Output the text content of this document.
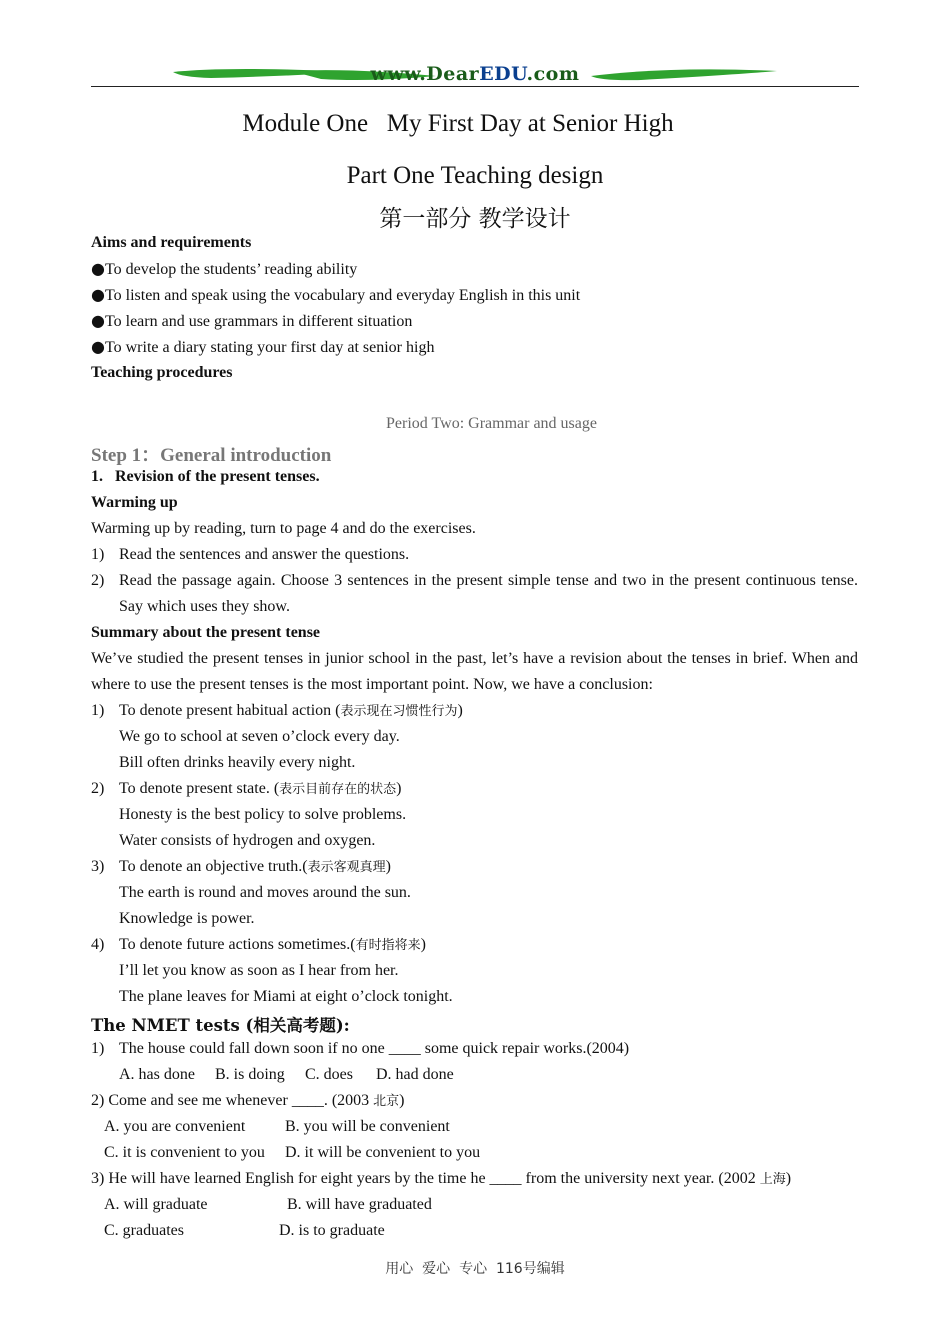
www.DearEDU.com
Module One   My First Day at Senior High
Part One Teaching design
第一部分 教学设计
Aims and requirements
●To develop the students’ reading ability
●To listen and speak using the vocabulary and everyday English in this unit
●To learn and use grammars in different situation
●To write a diary stating your first day at senior high
Teaching procedures
Period Two: Grammar and usage
Step 1：General introduction
1.   Revision of the present tenses.
Warming up
Warming up by reading, turn to page 4 and do the exercises.
1) Read the sentences and answer the questions.
2) Read the passage again. Choose 3 sentences in the present simple tense and two in the present continuous tense. Say which uses they show.
Summary about the present tense
We’ve studied the present tenses in junior school in the past, let’s have a revision about the tenses in brief. When and where to use the present tenses is the most important point. Now, we have a conclusion:
1) To denote present habitual action (表示现在习惯性行为)
We go to school at seven o’clock every day.
Bill often drinks heavily every night.
2) To denote present state. (表示目前存在的状态)
Honesty is the best policy to solve problems.
Water consists of hydrogen and oxygen.
3) To denote an objective truth.(表示客观真理)
The earth is round and moves around the sun.
Knowledge is power.
4) To denote future actions sometimes.(有时指将来)
I’ll let you know as soon as I hear from her.
The plane leaves for Miami at eight o’clock tonight.
The NMET tests (相关高考题):
1) The house could fall down soon if no one ____ some quick repair works.(2004)
A. has done B. is doing C. does D. had done
2) Come and see me whenever ____. (2003 北京)
A. you are convenient B. you will be convenient
C. it is convenient to you D. it will be convenient to you
3) He will have learned English for eight years by the time he ____ from the university next year. (2002 上海)
A. will graduate	B. will have graduated
C. graduates	D. is to graduate
用心  爱心  专心  116号编辑
